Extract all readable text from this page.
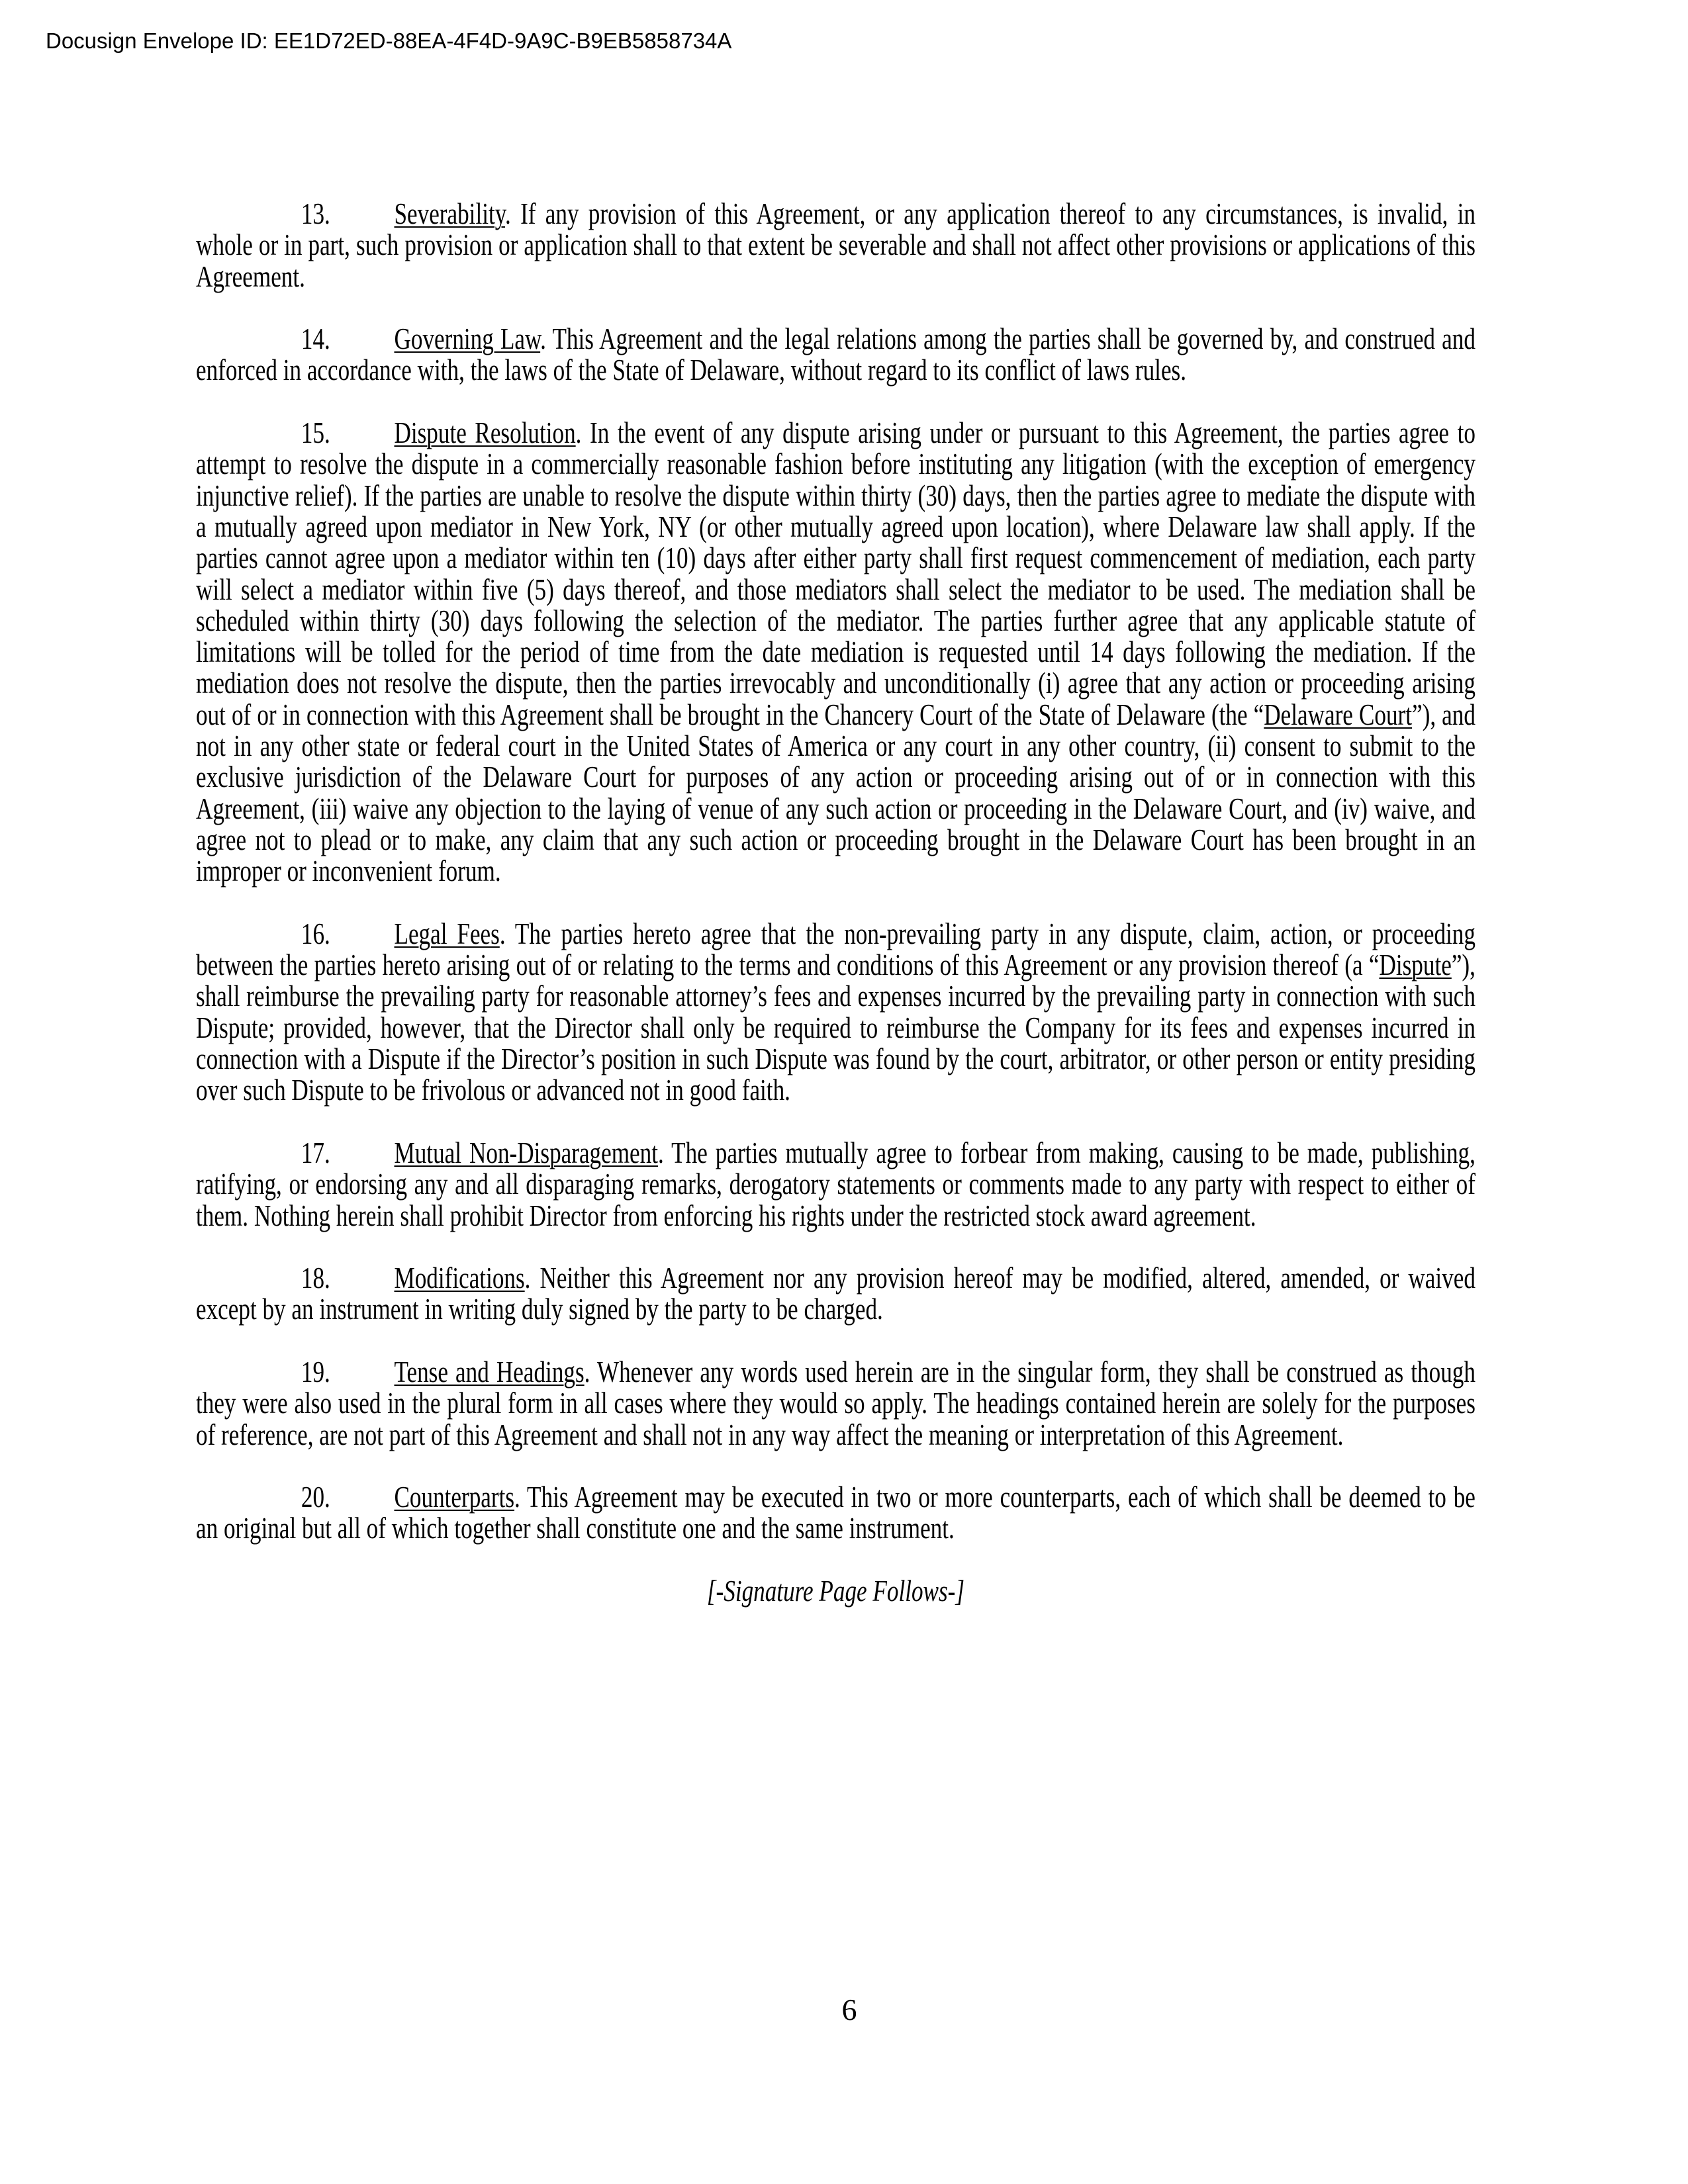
Docusign Envelope ID: EE1D72ED-88EA-4F4D-9A9C-B9EB5858734A

13. Severability. If any provision of this Agreement, or any application thereof to any circumstances, is invalid, in whole or in part, such provision or application shall to that extent be severable and shall not affect other provisions or applications of this Agreement.

14. Governing Law. This Agreement and the legal relations among the parties shall be governed by, and construed and enforced in accordance with, the laws of the State of Delaware, without regard to its conflict of laws rules.

15. Dispute Resolution. In the event of any dispute arising under or pursuant to this Agreement, the parties agree to attempt to resolve the dispute in a commercially reasonable fashion before instituting any litigation (with the exception of emergency injunctive relief). If the parties are unable to resolve the dispute within thirty (30) days, then the parties agree to mediate the dispute with a mutually agreed upon mediator in New York, NY (or other mutually agreed upon location), where Delaware law shall apply. If the parties cannot agree upon a mediator within ten (10) days after either party shall first request commencement of mediation, each party will select a mediator within five (5) days thereof, and those mediators shall select the mediator to be used. The mediation shall be scheduled within thirty (30) days following the selection of the mediator. The parties further agree that any applicable statute of limitations will be tolled for the period of time from the date mediation is requested until 14 days following the mediation. If the mediation does not resolve the dispute, then the parties irrevocably and unconditionally (i) agree that any action or proceeding arising out of or in connection with this Agreement shall be brought in the Chancery Court of the State of Delaware (the “Delaware Court”), and not in any other state or federal court in the United States of America or any court in any other country, (ii) consent to submit to the exclusive jurisdiction of the Delaware Court for purposes of any action or proceeding arising out of or in connection with this Agreement, (iii) waive any objection to the laying of venue of any such action or proceeding in the Delaware Court, and (iv) waive, and agree not to plead or to make, any claim that any such action or proceeding brought in the Delaware Court has been brought in an improper or inconvenient forum.

16. Legal Fees. The parties hereto agree that the non-prevailing party in any dispute, claim, action, or proceeding between the parties hereto arising out of or relating to the terms and conditions of this Agreement or any provision thereof (a “Dispute”), shall reimburse the prevailing party for reasonable attorney’s fees and expenses incurred by the prevailing party in connection with such Dispute; provided, however, that the Director shall only be required to reimburse the Company for its fees and expenses incurred in connection with a Dispute if the Director’s position in such Dispute was found by the court, arbitrator, or other person or entity presiding over such Dispute to be frivolous or advanced not in good faith.

17. Mutual Non-Disparagement. The parties mutually agree to forbear from making, causing to be made, publishing, ratifying, or endorsing any and all disparaging remarks, derogatory statements or comments made to any party with respect to either of them. Nothing herein shall prohibit Director from enforcing his rights under the restricted stock award agreement.

18. Modifications. Neither this Agreement nor any provision hereof may be modified, altered, amended, or waived except by an instrument in writing duly signed by the party to be charged.

19. Tense and Headings. Whenever any words used herein are in the singular form, they shall be construed as though they were also used in the plural form in all cases where they would so apply. The headings contained herein are solely for the purposes of reference, are not part of this Agreement and shall not in any way affect the meaning or interpretation of this Agreement.

20. Counterparts. This Agreement may be executed in two or more counterparts, each of which shall be deemed to be an original but all of which together shall constitute one and the same instrument.

[-Signature Page Follows-]

6
